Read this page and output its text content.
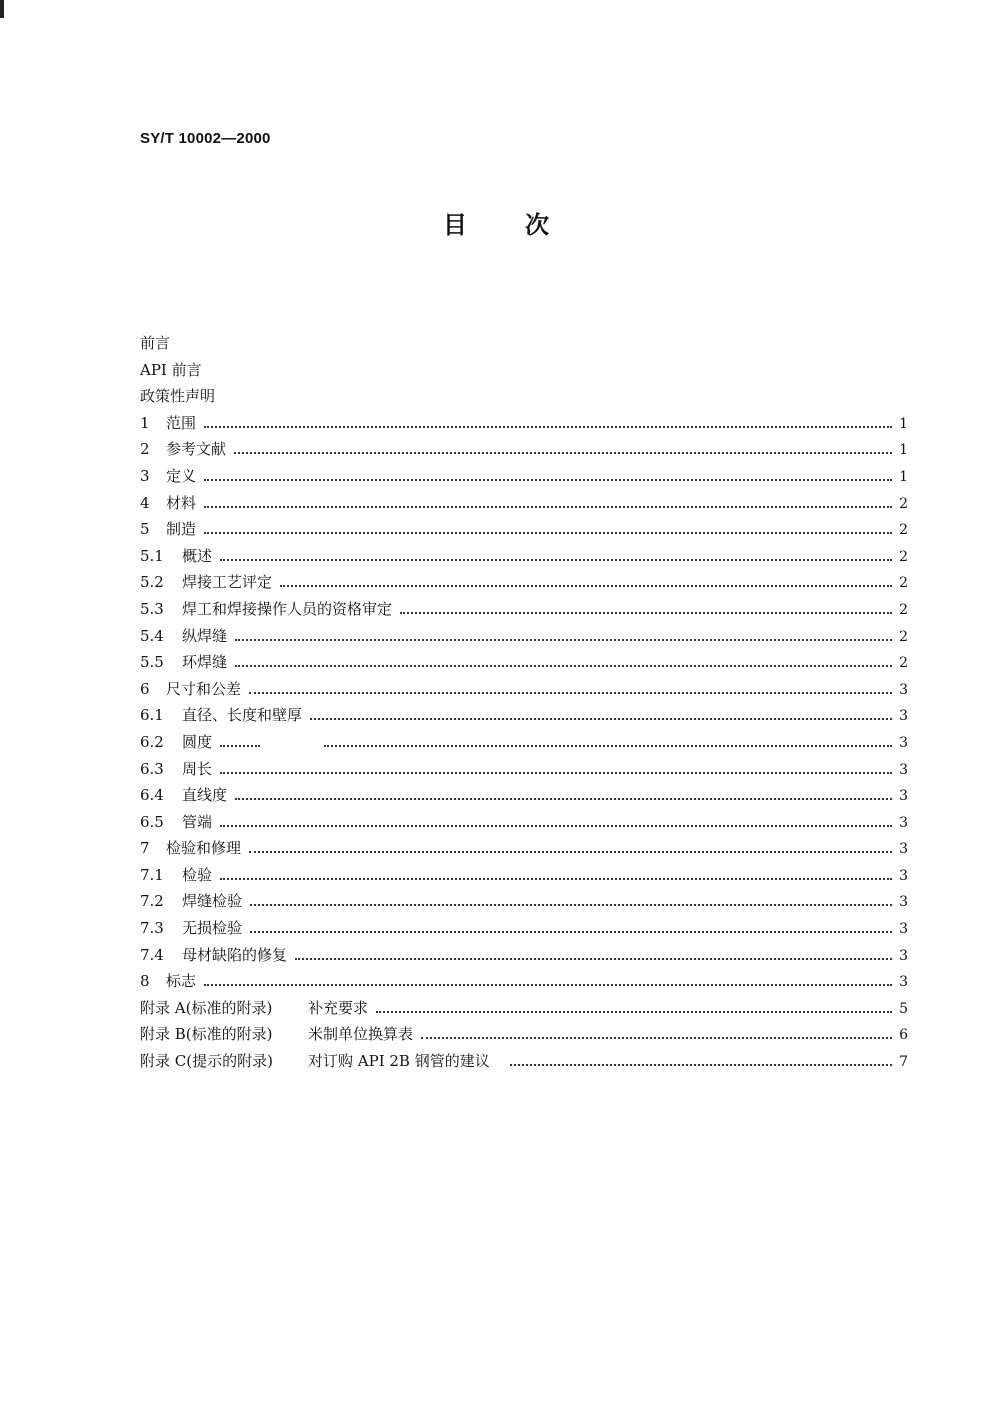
SY/T 10002—2000
目 次
前言
API 前言
政策性声明
1	范围	1
2	参考文献	1
3	定义	1
4	材料	2
5	制造	2
5.1	概述	2
5.2	焊接工艺评定	2
5.3	焊工和焊接操作人员的资格审定	2
5.4	纵焊缝	2
5.5	环焊缝	2
6	尺寸和公差	3
6.1	直径、长度和壁厚	3
6.2	圆度	3
6.3	周长	3
6.4	直线度	3
6.5	管端	3
7	检验和修理	3
7.1	检验	3
7.2	焊缝检验	3
7.3	无损检验	3
7.4	母材缺陷的修复	3
8	标志	3
附录 A(标准的附录)	补充要求	5
附录 B(标准的附录)	米制单位换算表	6
附录 C(提示的附录)	对订购 API 2B 钢管的建议	7
